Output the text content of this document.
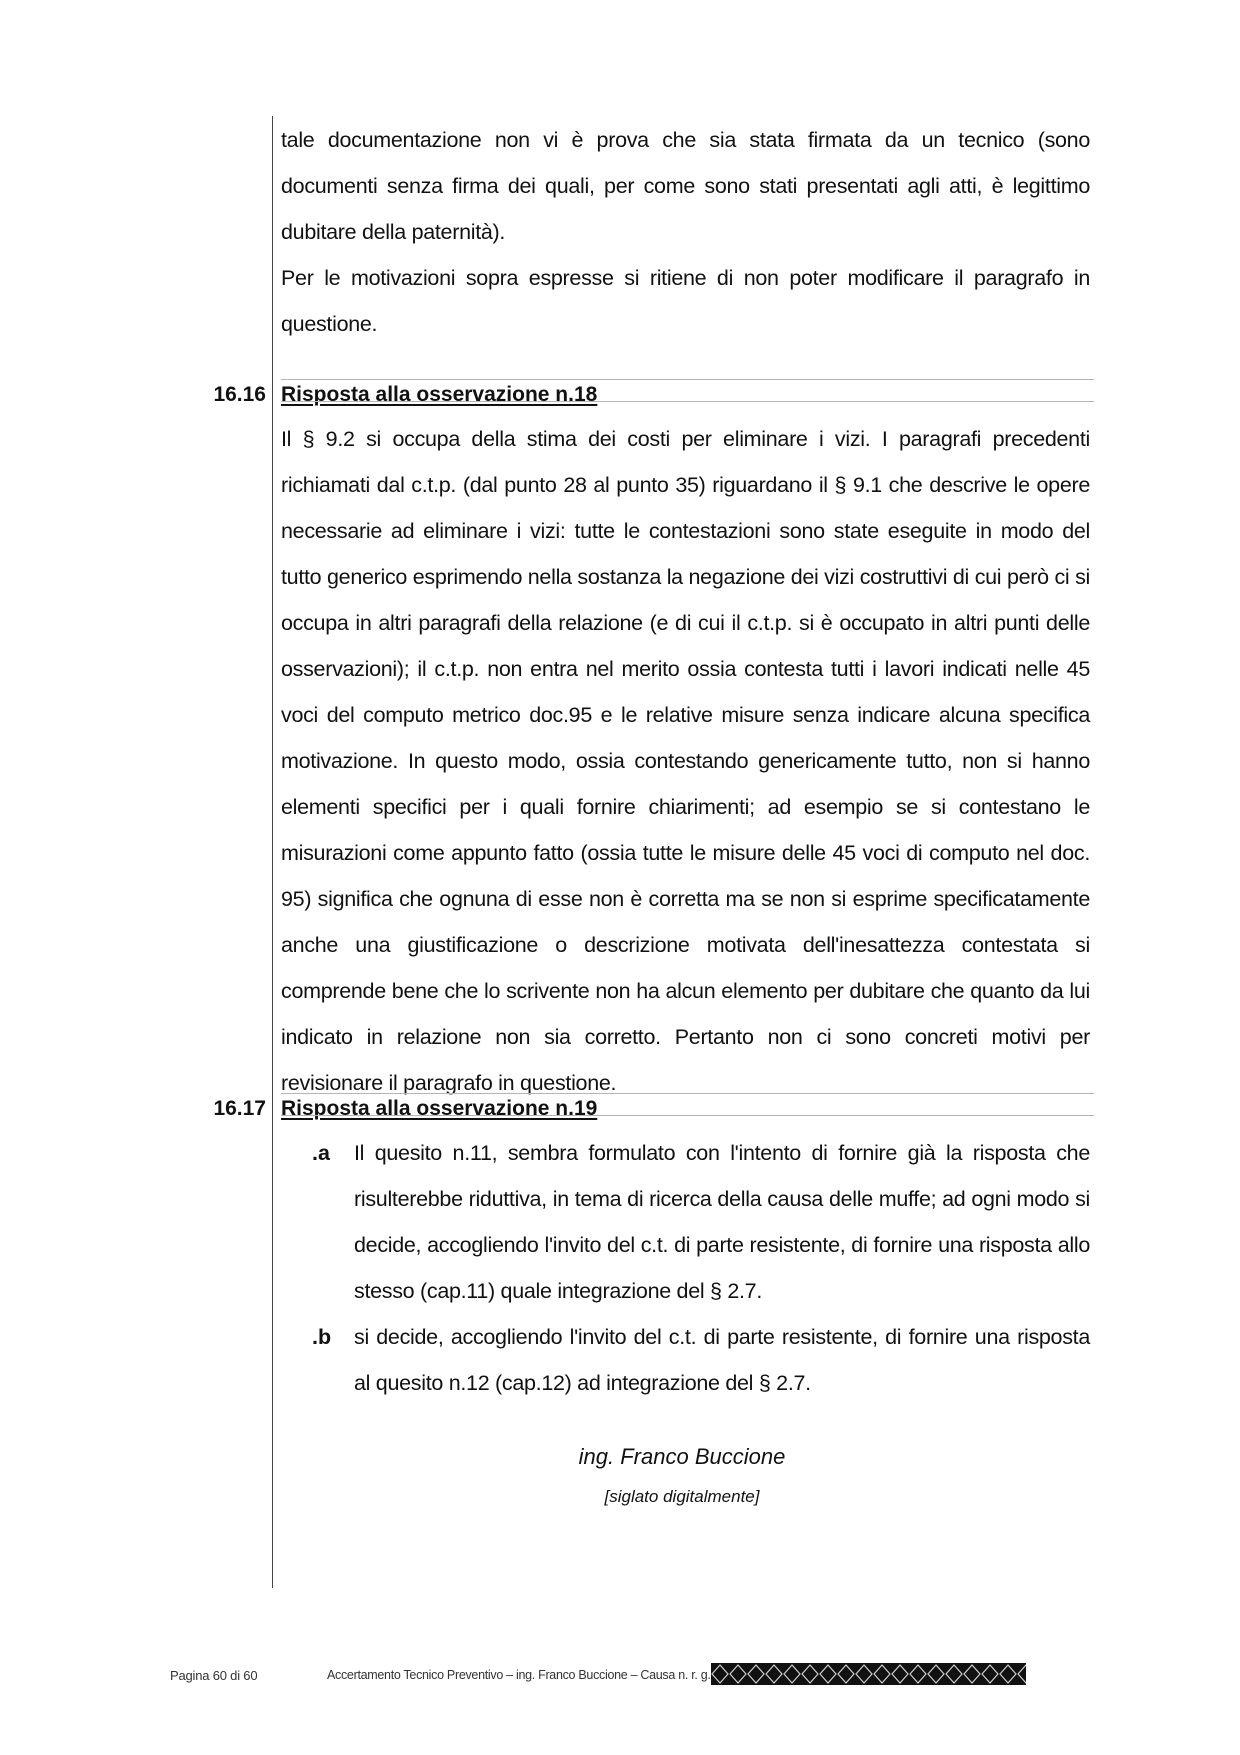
tale documentazione non vi è prova che sia stata firmata da un tecnico (sono documenti senza firma dei quali, per come sono stati presentati agli atti, è legittimo dubitare della paternità).

Per le motivazioni sopra espresse si ritiene di non poter modificare il paragrafo in questione.

16.16 Risposta alla osservazione n.18

Il § 9.2 si occupa della stima dei costi per eliminare i vizi. I paragrafi precedenti richiamati dal c.t.p. (dal punto 28 al punto 35) riguardano il § 9.1 che descrive le opere necessarie ad eliminare i vizi: tutte le contestazioni sono state eseguite in modo del tutto generico esprimendo nella sostanza la negazione dei vizi costruttivi di cui però ci si occupa in altri paragrafi della relazione (e di cui il c.t.p. si è occupato in altri punti delle osservazioni); il c.t.p. non entra nel merito ossia contesta tutti i lavori indicati nelle 45 voci del computo metrico doc.95 e le relative misure senza indicare alcuna specifica motivazione. In questo modo, ossia contestando genericamente tutto, non si hanno elementi specifici per i quali fornire chiarimenti; ad esempio se si contestano le misurazioni come appunto fatto (ossia tutte le misure delle 45 voci di computo nel doc. 95) significa che ognuna di esse non è corretta ma se non si esprime specificatamente anche una giustificazione o descrizione motivata dell'inesattezza contestata si comprende bene che lo scrivente non ha alcun elemento per dubitare che quanto da lui indicato in relazione non sia corretto. Pertanto non ci sono concreti motivi per revisionare il paragrafo in questione.

16.17 Risposta alla osservazione n.19
.a Il quesito n.11, sembra formulato con l'intento di fornire già la risposta che risulterebbe riduttiva, in tema di ricerca della causa delle muffe; ad ogni modo si decide, accogliendo l'invito del c.t. di parte resistente, di fornire una risposta allo stesso (cap.11) quale integrazione del § 2.7.

.b si decide, accogliendo l'invito del c.t. di parte resistente, di fornire una risposta al quesito n.12 (cap.12) ad integrazione del § 2.7.

ing. Franco Buccione
[siglato digitalmente]
Pagina 60 di 60	Accertamento Tecnico Preventivo – ing. Franco Buccione – Causa n. r. g.
